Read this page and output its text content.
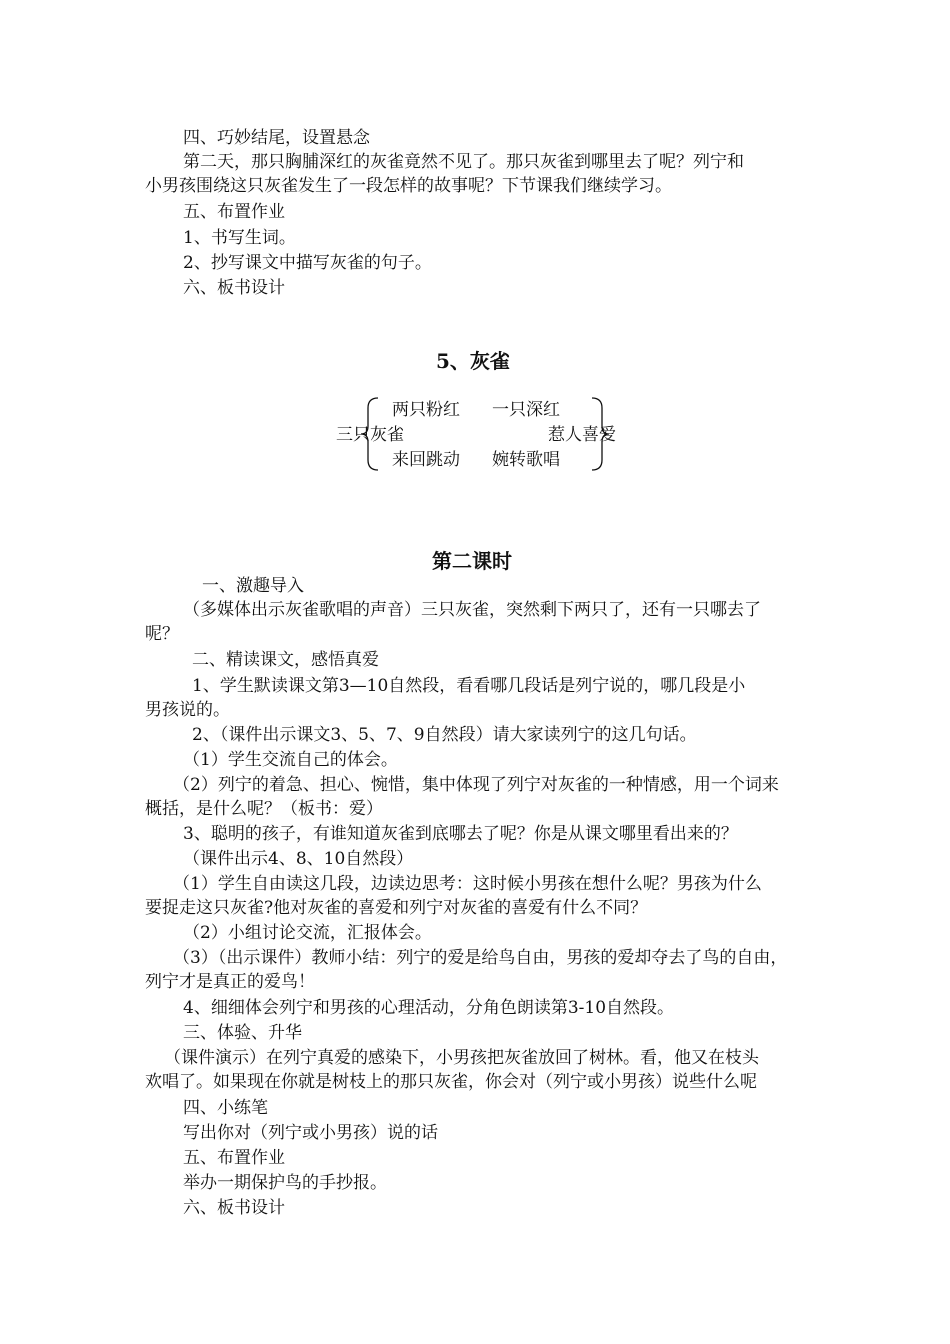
四、巧妙结尾，设置悬念
第二天，那只胸脯深红的灰雀竟然不见了。那只灰雀到哪里去了呢？列宁和
小男孩围绕这只灰雀发生了一段怎样的故事呢？下节课我们继续学习。
五、布置作业
1、书写生词。
2、抄写课文中描写灰雀的句子。
六、板书设计
5、灰雀
两只粉红 一只深红
三只灰雀	惹人喜爱
来回跳动 婉转歌唱
第二课时
一、激趣导入
（多媒体出示灰雀歌唱的声音）三只灰雀，突然剩下两只了，还有一只哪去了
呢？
二、精读课文，感悟真爱
1、学生默读课文第3—10自然段，看看哪几段话是列宁说的，哪几段是小
男孩说的。
2、（课件出示课文3、5、7、9自然段）请大家读列宁的这几句话。
（1）学生交流自己的体会。
（2）列宁的着急、担心、惋惜，集中体现了列宁对灰雀的一种情感，用一个词来
概括，是什么呢？（板书：爱）
3、聪明的孩子，有谁知道灰雀到底哪去了呢？你是从课文哪里看出来的？
（课件出示4、8、10自然段）
（1）学生自由读这几段，边读边思考：这时候小男孩在想什么呢？男孩为什么
要捉走这只灰雀?他对灰雀的喜爱和列宁对灰雀的喜爱有什么不同？
（2）小组讨论交流，汇报体会。
（3）（出示课件）教师小结：列宁的爱是给鸟自由，男孩的爱却夺去了鸟的自由，
列宁才是真正的爱鸟！
4、细细体会列宁和男孩的心理活动，分角色朗读第3-10自然段。
三、体验、升华
（课件演示）在列宁真爱的感染下，小男孩把灰雀放回了树林。看，他又在枝头
欢唱了。如果现在你就是树枝上的那只灰雀，你会对（列宁或小男孩）说些什么呢
四、小练笔
写出你对（列宁或小男孩）说的话
五、布置作业
举办一期保护鸟的手抄报。
六、板书设计
